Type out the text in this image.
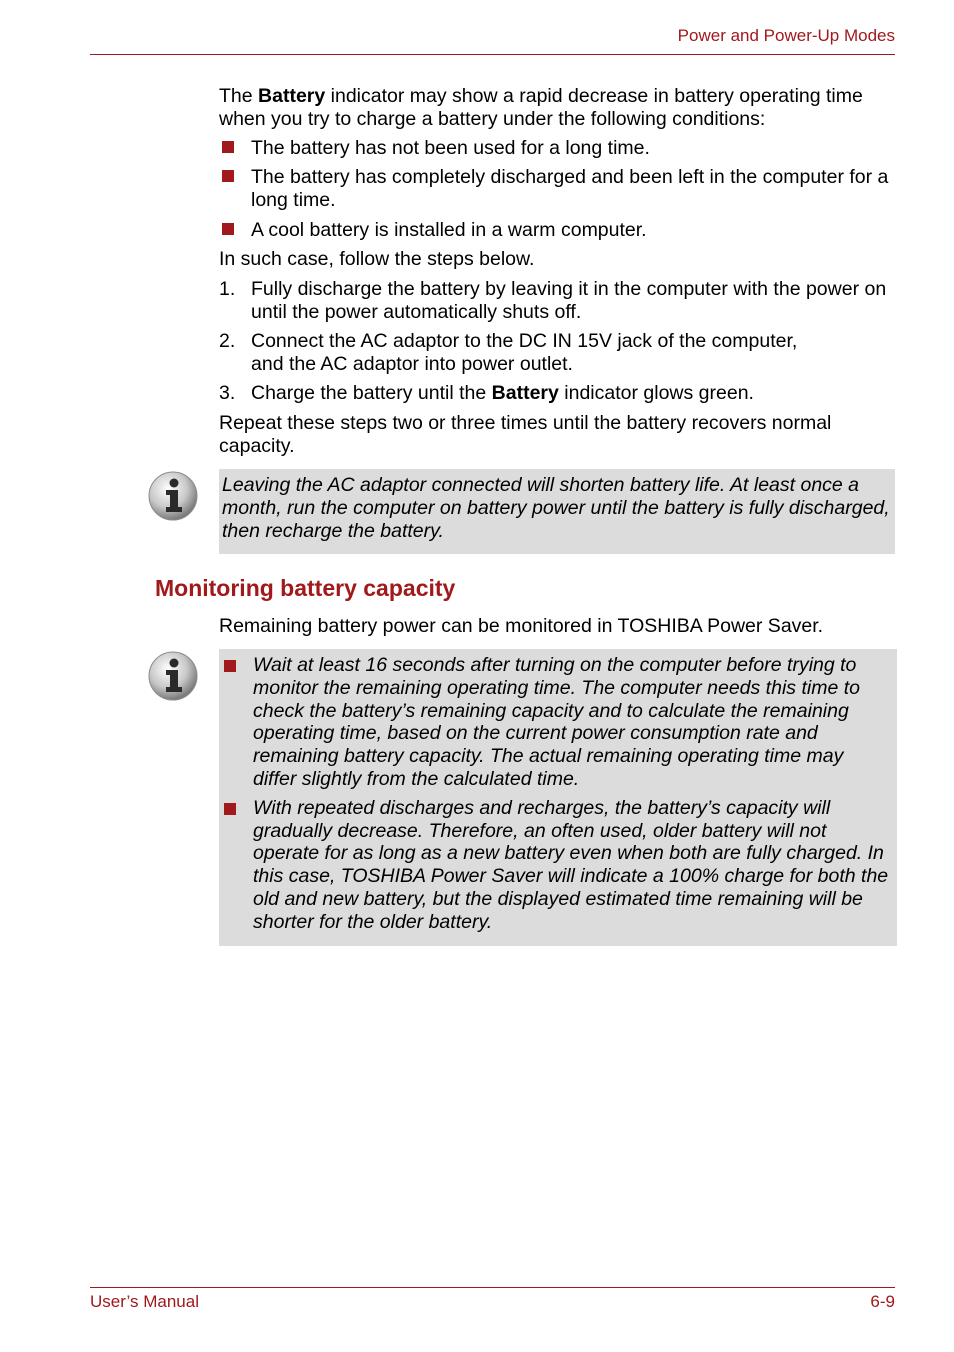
Power and Power-Up Modes
The Battery indicator may show a rapid decrease in battery operating time when you try to charge a battery under the following conditions:
The battery has not been used for a long time.
The battery has completely discharged and been left in the computer for a long time.
A cool battery is installed in a warm computer.
In such case, follow the steps below.
1. Fully discharge the battery by leaving it in the computer with the power on until the power automatically shuts off.
2. Connect the AC adaptor to the DC IN 15V jack of the computer,
and the AC adaptor into power outlet.
3. Charge the battery until the Battery indicator glows green.
Repeat these steps two or three times until the battery recovers normal capacity.
Leaving the AC adaptor connected will shorten battery life. At least once a month, run the computer on battery power until the battery is fully discharged, then recharge the battery.
Monitoring battery capacity
Remaining battery power can be monitored in TOSHIBA Power Saver.
Wait at least 16 seconds after turning on the computer before trying to monitor the remaining operating time. The computer needs this time to check the battery’s remaining capacity and to calculate the remaining operating time, based on the current power consumption rate and remaining battery capacity. The actual remaining operating time may differ slightly from the calculated time.
With repeated discharges and recharges, the battery’s capacity will gradually decrease. Therefore, an often used, older battery will not operate for as long as a new battery even when both are fully charged. In this case, TOSHIBA Power Saver will indicate a 100% charge for both the old and new battery, but the displayed estimated time remaining will be shorter for the older battery.
User’s Manual	6-9
